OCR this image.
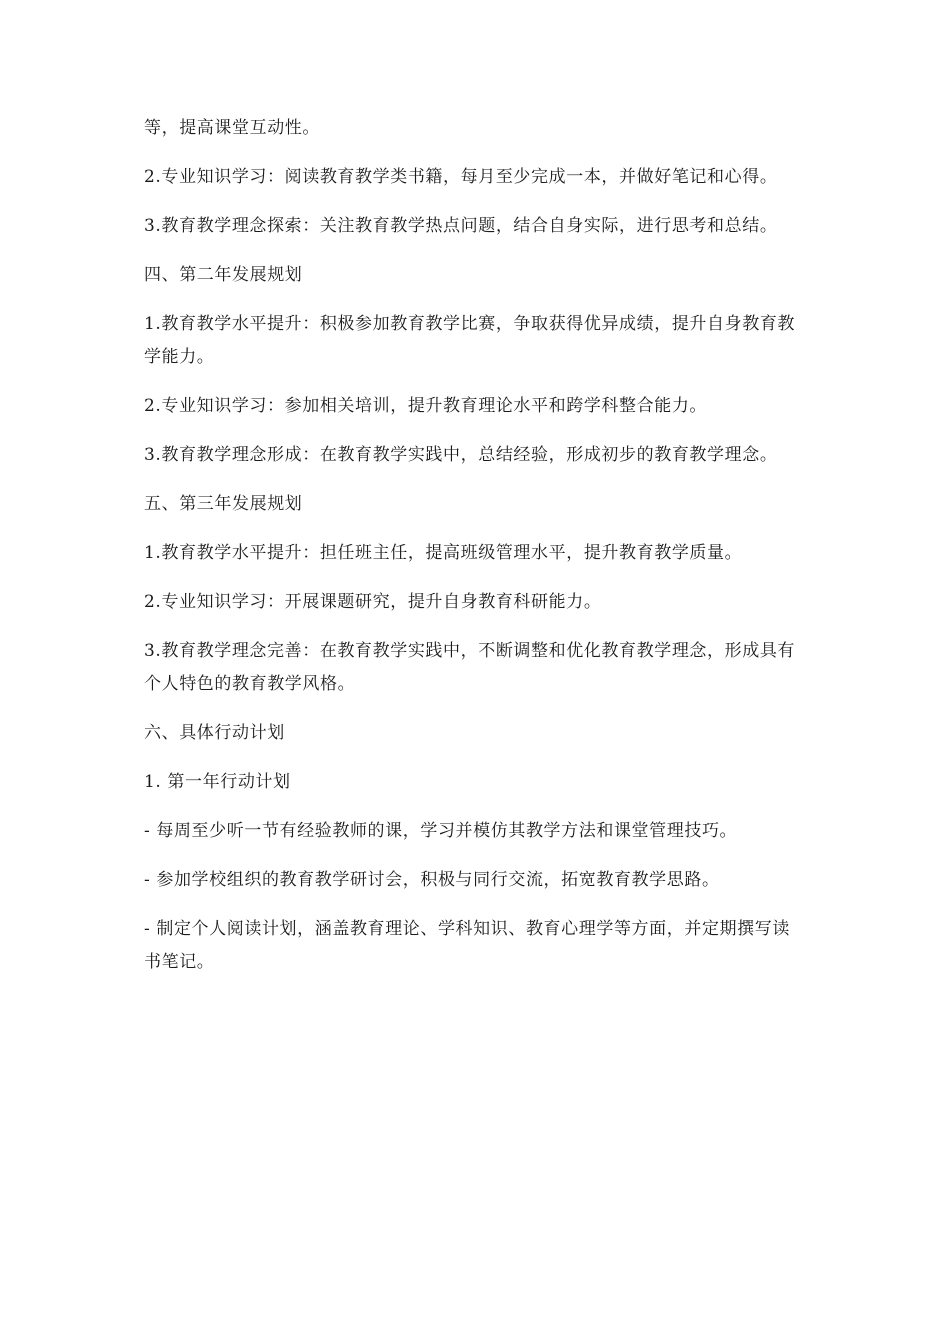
等，提高课堂互动性。

2.专业知识学习：阅读教育教学类书籍，每月至少完成一本，并做好笔记和心得。

3.教育教学理念探索：关注教育教学热点问题，结合自身实际，进行思考和总结。

四、第二年发展规划

1.教育教学水平提升：积极参加教育教学比赛，争取获得优异成绩，提升自身教育教学能力。

2.专业知识学习：参加相关培训，提升教育理论水平和跨学科整合能力。

3.教育教学理念形成：在教育教学实践中，总结经验，形成初步的教育教学理念。

五、第三年发展规划

1.教育教学水平提升：担任班主任，提高班级管理水平，提升教育教学质量。

2.专业知识学习：开展课题研究，提升自身教育科研能力。

3.教育教学理念完善：在教育教学实践中，不断调整和优化教育教学理念，形成具有个人特色的教育教学风格。

六、具体行动计划

1. 第一年行动计划

- 每周至少听一节有经验教师的课，学习并模仿其教学方法和课堂管理技巧。

- 参加学校组织的教育教学研讨会，积极与同行交流，拓宽教育教学思路。

- 制定个人阅读计划，涵盖教育理论、学科知识、教育心理学等方面，并定期撰写读书笔记。
